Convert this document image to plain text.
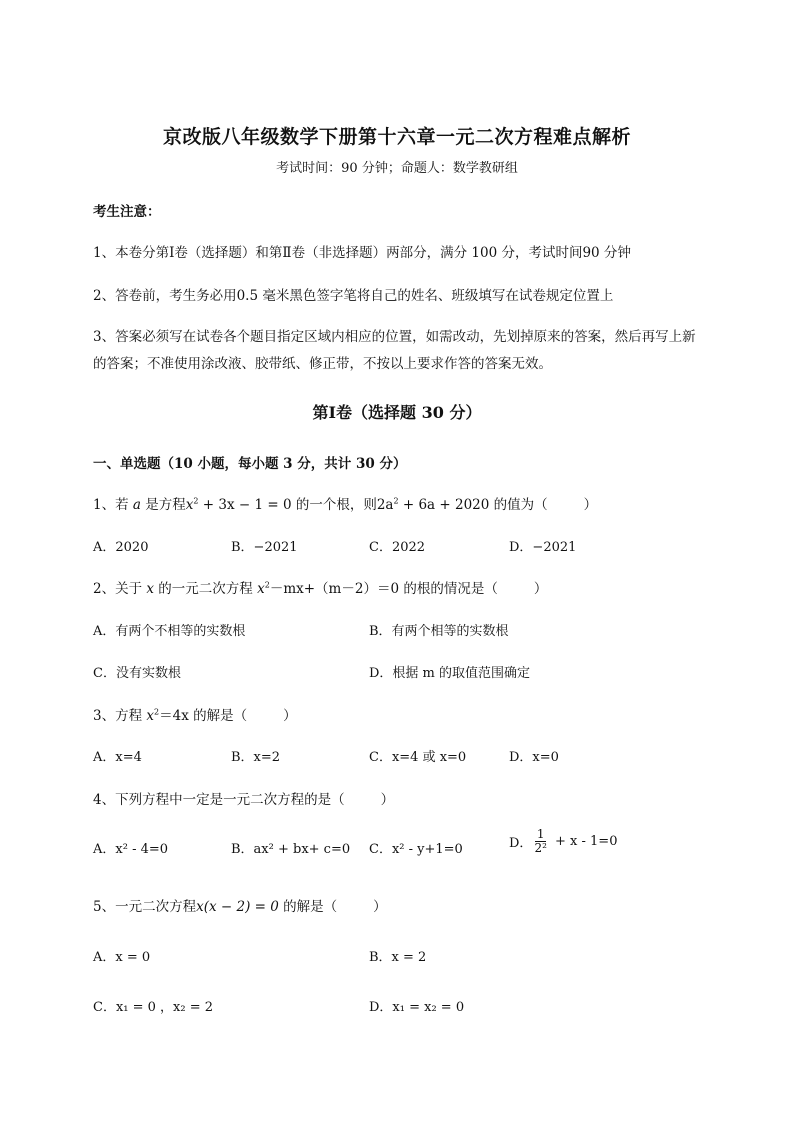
京改版八年级数学下册第十六章一元二次方程难点解析
考试时间：90 分钟；命题人：数学教研组
考生注意：
1、本卷分第Ⅰ卷（选择题）和第Ⅱ卷（非选择题）两部分，满分 100 分，考试时间90 分钟
2、答卷前，考生务必用0.5 毫米黑色签字笔将自己的姓名、班级填写在试卷规定位置上
3、答案必须写在试卷各个题目指定区域内相应的位置，如需改动，先划掉原来的答案，然后再写上新
的答案；不准使用涂改液、胶带纸、修正带，不按以上要求作答的答案无效。
第Ⅰ卷（选择题 30 分）
一、单选题（10 小题，每小题 3 分，共计 30 分）
1、若 a 是方程$x^2 + 3x - 1 = 0$ 的一个根，则$2a^2 + 6a + 2020$ 的值为（	）
A．2020	B．−2021	C．2022	D．−2021
2、关于 x 的一元二次方程 $x^2-mx+(m-2)=0$ 的根的情况是（	）
A．有两个不相等的实数根	B．有两个相等的实数根
C．没有实数根	D．根据 m 的取值范围确定
3、方程 $x^2=4x$ 的解是（	）
A．x=4	B．x=2	C．x=4 或 x=0	D．x=0
4、下列方程中一定是一元二次方程的是（	）
A．x² - 4=0	B．ax² + bx+ c=0 C．x² - y+1=0	D． $\frac{1}{\text{2²}} + x - 1=0$
5、一元二次方程x(x − 2) = 0 的解是（	）
A．x = 0	B．x = 2
C．x₁ = 0 ，x₂ = 2	D．x₁ = x₂ = 0
